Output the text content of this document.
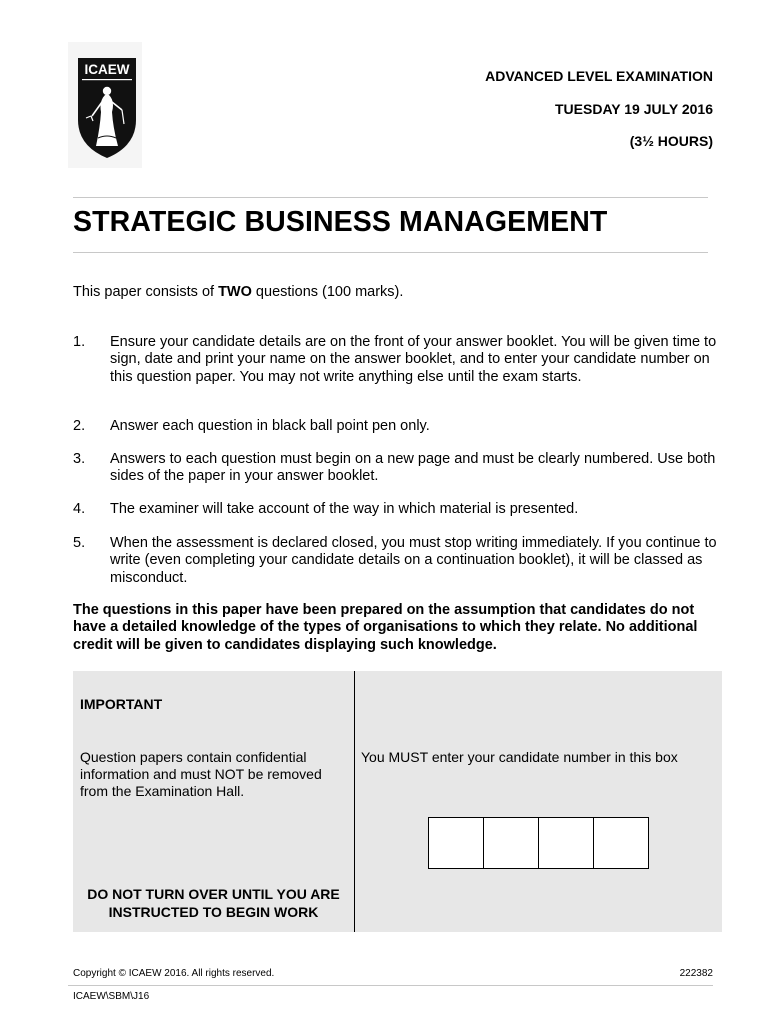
ICAEW	ADVANCED LEVEL EXAMINATION
TUESDAY 19 JULY 2016
(3½ HOURS)
STRATEGIC BUSINESS MANAGEMENT
This paper consists of TWO questions (100 marks).
1. Ensure your candidate details are on the front of your answer booklet. You will be given time to sign, date and print your name on the answer booklet, and to enter your candidate number on this question paper. You may not write anything else until the exam starts.
2. Answer each question in black ball point pen only.
3. Answers to each question must begin on a new page and must be clearly numbered. Use both sides of the paper in your answer booklet.
4. The examiner will take account of the way in which material is presented.
5. When the assessment is declared closed, you must stop writing immediately. If you continue to write (even completing your candidate details on a continuation booklet), it will be classed as misconduct.
The questions in this paper have been prepared on the assumption that candidates do not have a detailed knowledge of the types of organisations to which they relate. No additional credit will be given to candidates displaying such knowledge.
IMPORTANT
Question papers contain confidential information and must NOT be removed from the Examination Hall.
DO NOT TURN OVER UNTIL YOU ARE INSTRUCTED TO BEGIN WORK
You MUST enter your candidate number in this box
Copyright © ICAEW 2016. All rights reserved.	222382
ICAEW\SBM\J16
